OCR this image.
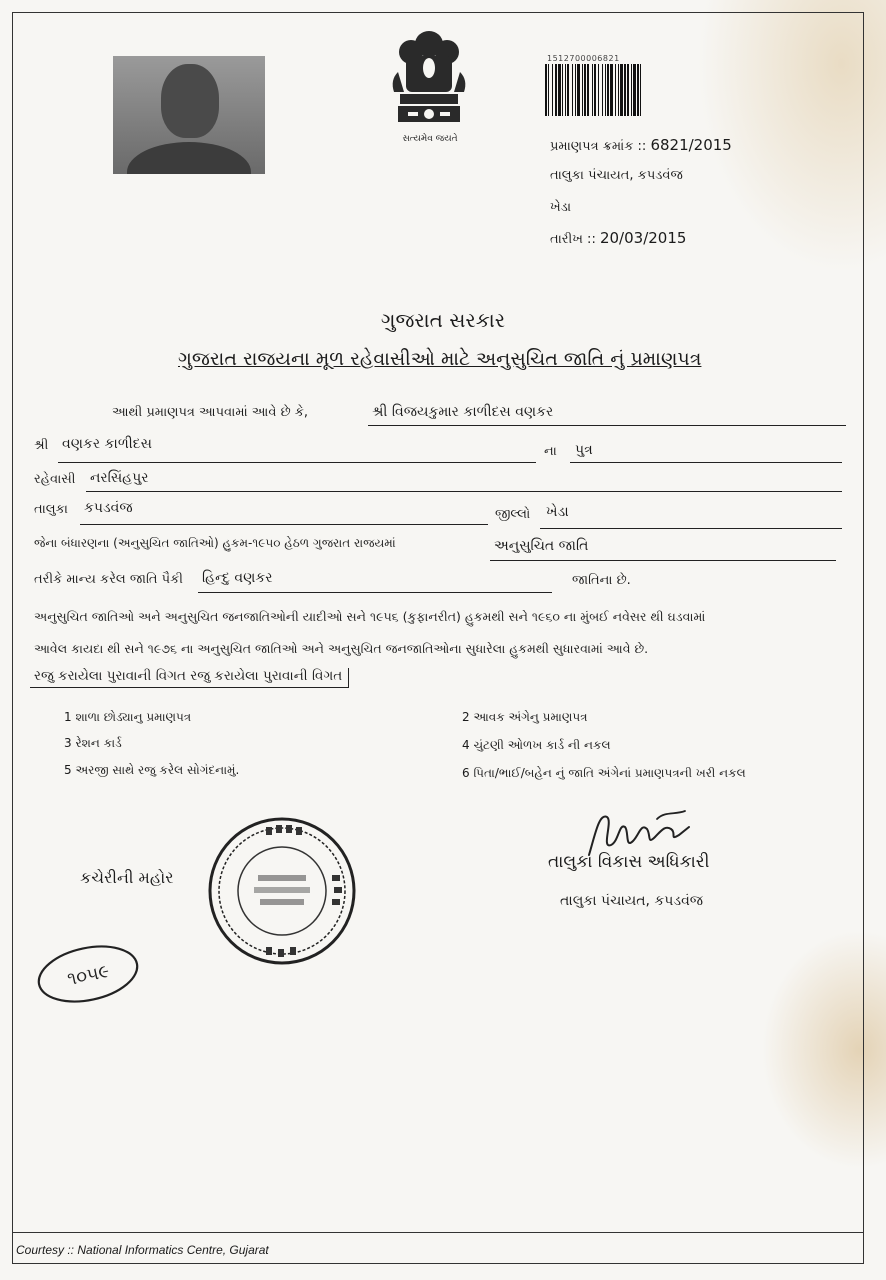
સત્યમેવ જયતે
1512700006821
પ્રમાણપત્ર ક્રમાંક :: 6821/2015
તાલુકા પંચાયત, કપડવંજ
ખેડા
તારીખ :: 20/03/2015
ગુજરાત સરકાર
ગુજરાત રાજયના મૂળ રહેવાસીઓ માટે અનુસુચિત જાતિ નું પ્રમાણપત્ર
આથી પ્રમાણપત્ર આપવામાં આવે છે કે,	શ્રી વિજયકુમાર કાળીદસ વણકર
શ્રી વણકર કાળીદસ	ના પુત્ર
રહેવાસી નરસિંહપુર
તાલુકા કપડવંજ	જીલ્લો ખેડા
જેના બંધારણના (અનુસુચિત જાતિઓ) હુકમ-૧૯૫૦ હેઠળ ગુજરાત રાજયમાં	અનુસુચિત જાતિ
તરીકે માન્ય કરેલ જાતિ પૈકી હિન્દુ વણકર	જાતિના છે.
અનુસુચિત જાતિઓ અને અનુસુચિત જનજાતિઓની યાદીઓ સને ૧૯૫૬ (કુફાનરીત) હુકમથી સને ૧૯૬૦ ના મુંબઈ નવેસર થી ઘડવામાં
આવેલ કાયદા થી સને ૧૯૭૬ ના અનુસુચિત જાતિઓ અને અનુસુચિત જનજાતિઓના સુધારેલા હુકમથી સુધારવામાં આવે છે.
રજુ કરાયેલા પુરાવાની વિગત રજુ કરાયેલા પુરાવાની વિગત
1 શાળા છોડ્યાનુ પ્રમાણપત્ર	2 આવક અંગેનુ પ્રમાણપત્ર
3 રેશન કાર્ડ	4 ચુંટણી ઓળખ કાર્ડ ની નકલ
5 અરજી સાથે રજુ કરેલ સોગંદનામું.	6 પિતા/ભાઈ/બહેન નું જાતિ અંગેનાં પ્રમાણપત્રની ખરી નકલ
કચેરીની મહોર
તાલુકા વિકાસ અધિકારી
તાલુકા પંચાયત, કપડવંજ
૧૦૫૯
Courtesy :: National Informatics Centre, Gujarat
